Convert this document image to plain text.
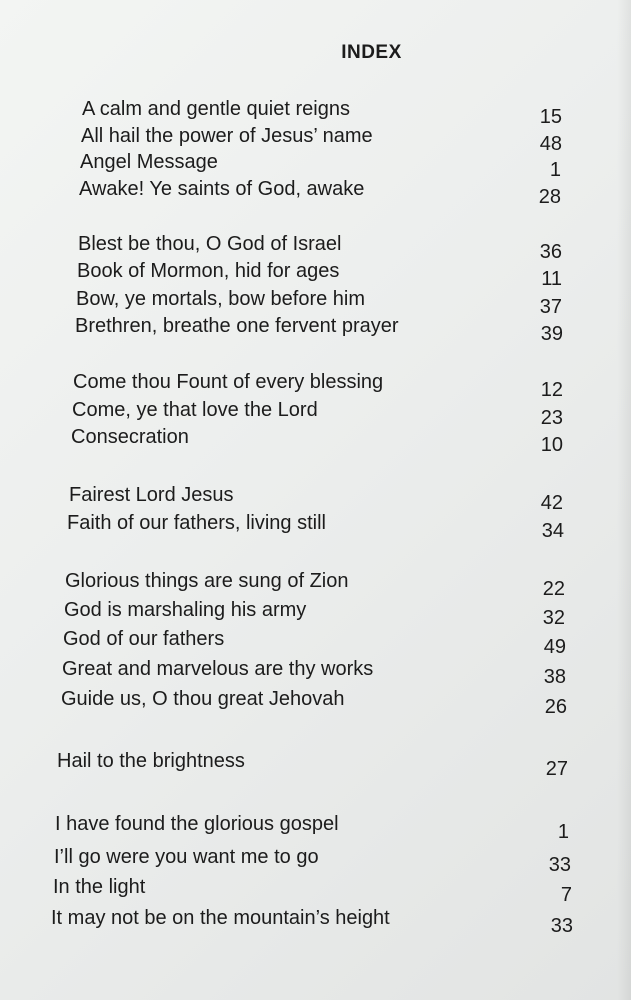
INDEX
A calm and gentle quiet reigns	15
All hail the power of Jesus’ name	48
Angel Message	1
Awake! Ye saints of God, awake	28
Blest be thou, O God of Israel	36
Book of Mormon, hid for ages	11
Bow, ye mortals, bow before him	37
Brethren, breathe one fervent prayer	39
Come thou Fount of every blessing	12
Come, ye that love the Lord	23
Consecration	10
Fairest Lord Jesus	42
Faith of our fathers, living still	34
Glorious things are sung of Zion	22
God is marshaling his army	32
God of our fathers	49
Great and marvelous are thy works	38
Guide us, O thou great Jehovah	26
Hail to the brightness	27
I have found the glorious gospel	1
I’ll go were you want me to go	33
In the light	7
It may not be on the mountain’s height	33
